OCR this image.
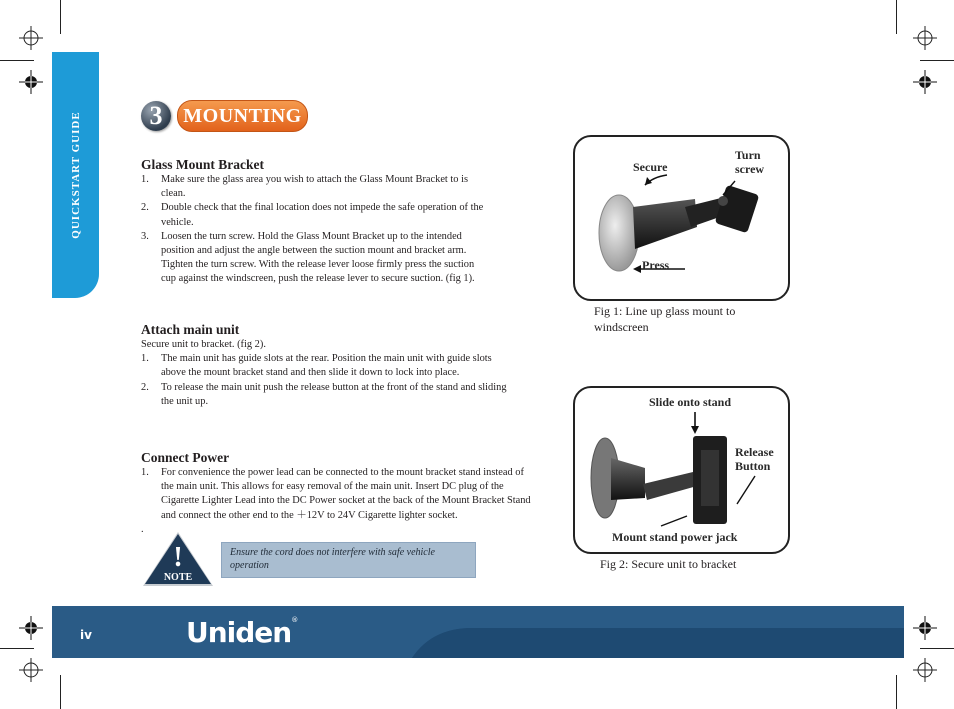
QUICKSTART GUIDE	3	MOUNTING
Glass Mount Bracket
1. Make sure the glass area you wish to attach the Glass Mount Bracket to is clean.
2. Double check that the final location does not impede the safe operation of the vehicle.
3. Loosen the turn screw. Hold the Glass Mount Bracket up to the intended position and adjust the angle between the suction mount and bracket arm. Tighten the turn screw. With the release lever loose firmly press the suction cup against the windscreen, push the release lever to secure suction. (fig 1).
Attach main unit

Secure unit to bracket. (fig 2).

1. The main unit has guide slots at the rear. Position the main unit with guide slots above the mount bracket stand and then slide it down to lock into place.
2. To release the main unit push the release button at the front of the stand and sliding the unit up.
Connect Power
1. For convenience the power lead can be connected to the mount bracket stand instead of the main unit. This allows for easy removal of the main unit. Insert DC plug of the Cigarette Lighter Lead into the DC Power socket at the back of the Mount Bracket Stand and connect the other end to the ＋12V to 24V Cigarette lighter socket.

.

!
NOTE
Ensure the cord does not interfere with safe vehicle operation
Secure
Turn
screw
Press
Fig 1: Line up glass mount to windscreen
Slide onto stand
Release
Button
Mount stand power jack
Fig 2: Secure unit to bracket
iv	Uniden®
